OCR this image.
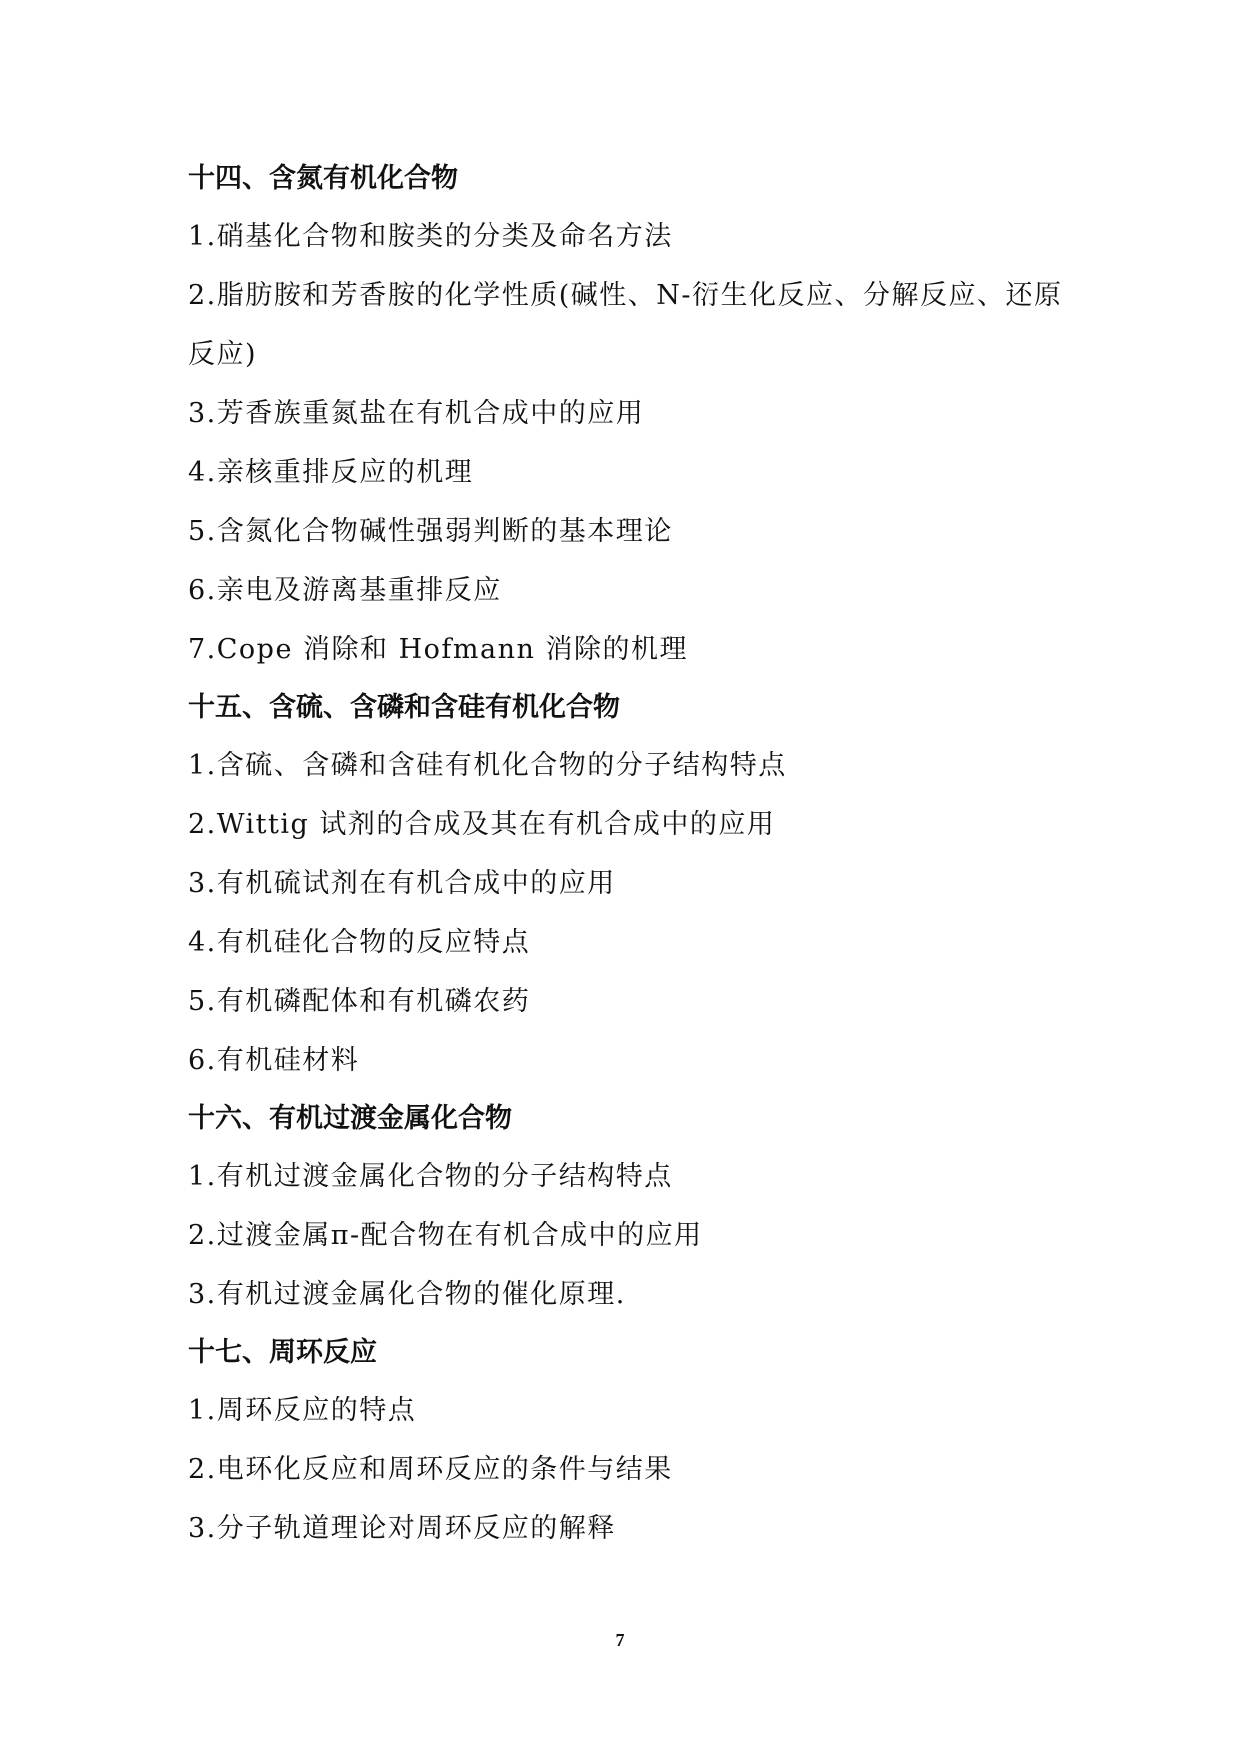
十四、含氮有机化合物

1.硝基化合物和胺类的分类及命名方法

2.脂肪胺和芳香胺的化学性质(碱性、N-衍生化反应、分解反应、还原反应)

3.芳香族重氮盐在有机合成中的应用

4.亲核重排反应的机理

5.含氮化合物碱性强弱判断的基本理论

6.亲电及游离基重排反应

7.Cope 消除和 Hofmann 消除的机理

十五、含硫、含磷和含硅有机化合物

1.含硫、含磷和含硅有机化合物的分子结构特点

2.Wittig 试剂的合成及其在有机合成中的应用

3.有机硫试剂在有机合成中的应用

4.有机硅化合物的反应特点

5.有机磷配体和有机磷农药

6.有机硅材料

十六、有机过渡金属化合物

1.有机过渡金属化合物的分子结构特点

2.过渡金属π-配合物在有机合成中的应用

3.有机过渡金属化合物的催化原理.

十七、周环反应

1.周环反应的特点

2.电环化反应和周环反应的条件与结果

3.分子轨道理论对周环反应的解释

7
